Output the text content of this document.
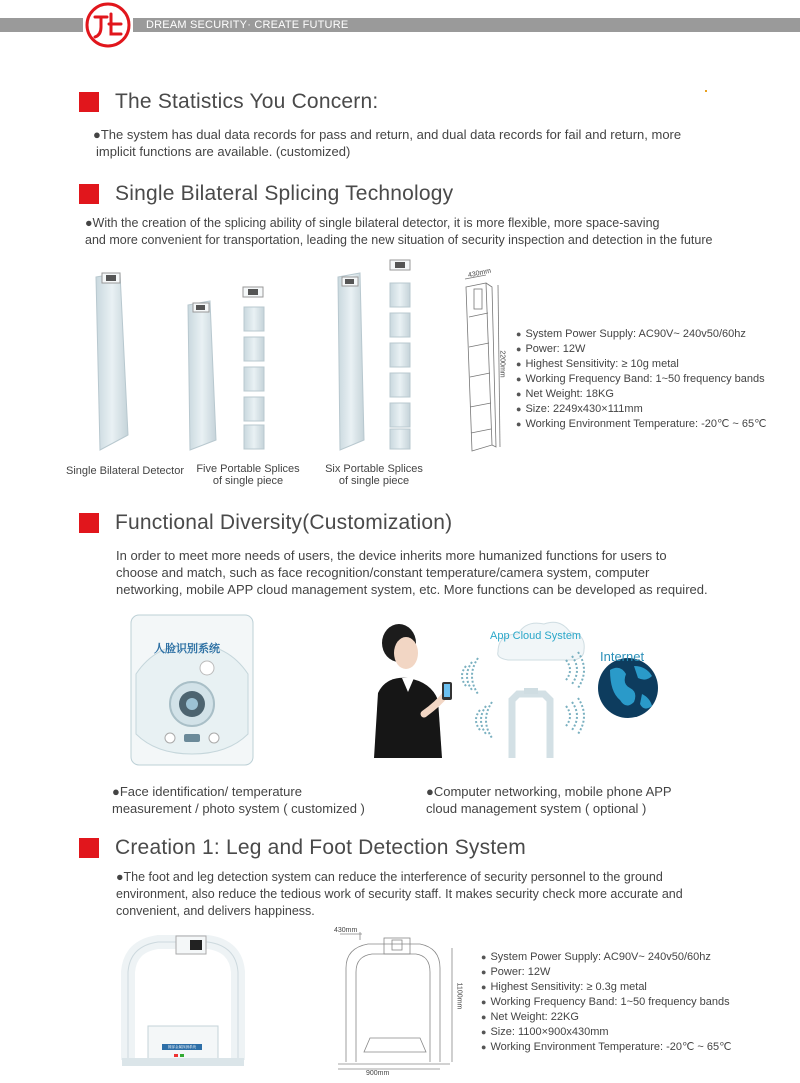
DREAM SECURITY· CREATE FUTURE
The Statistics You Concern:
●The system has dual data records for pass and return, and dual data records for fail and return, more
implicit functions are available. (customized)
Single Bilateral Splicing Technology
●With the creation of the splicing ability of single bilateral detector, it is more flexible, more space-saving
and more convenient for transportation, leading the new situation of security inspection and detection in the future
430mm
2200mm
Single Bilateral Detector	Five Portable Splices
of single piece
Six Portable Splices
of single piece
● System Power Supply: AC90V~ 240v50/60hz
● Power: 12W
● Highest Sensitivity: ≥ 10g metal
● Working Frequency Band: 1~50 frequency bands
● Net Weight: 18KG
● Size: 2249x430×111mm
● Working Environment Temperature: -20℃ ~ 65℃
Functional Diversity(Customization)
In order to meet more needs of users, the device inherits more humanized functions for users to
choose and match, such as face recognition/constant temperature/camera system, computer
networking, mobile APP cloud management system, etc. More functions can be developed as required.
人脸识别系统
App Cloud System
Internet
●Face identification/ temperature
measurement / photo system ( customized )
●Computer networking, mobile phone APP
cloud management system ( optional )
Creation 1: Leg and Foot Detection System
●The foot and leg detection system can reduce the interference of security personnel to the ground
environment, also reduce the tedious work of security staff. It makes security check more accurate and
convenient, and delivers happiness.
腿部金属探测系统
430mm
1100mm
900mm
● System Power Supply: AC90V~ 240v50/60hz
● Power: 12W
● Highest Sensitivity: ≥ 0.3g metal
● Working Frequency Band: 1~50 frequency bands
● Net Weight: 22KG
● Size: 1100×900x430mm
● Working Environment Temperature: -20℃ ~ 65℃
